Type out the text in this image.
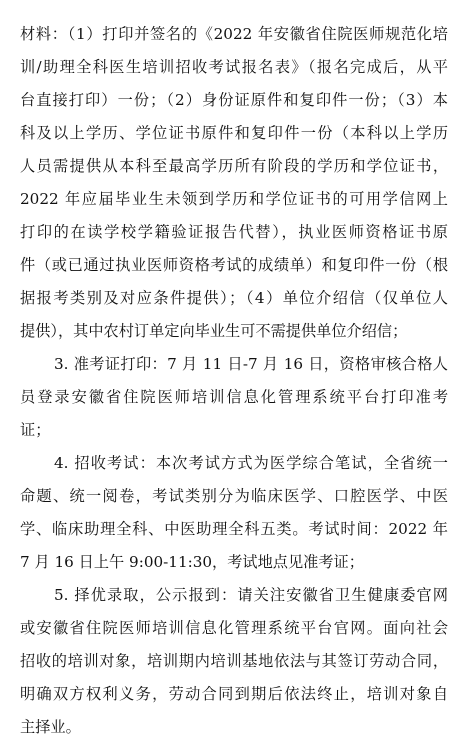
材料：（1）打印并签名的《2022 年安徽省住院医师规范化培
训/助理全科医生培训招收考试报名表》（报名完成后，从平
台直接打印）一份；（2）身份证原件和复印件一份；（3）本
科及以上学历、学位证书原件和复印件一份（本科以上学历
人员需提供从本科至最高学历所有阶段的学历和学位证书，
2022 年应届毕业生未领到学历和学位证书的可用学信网上
打印的在读学校学籍验证报告代替），执业医师资格证书原
件（或已通过执业医师资格考试的成绩单）和复印件一份（根
据报考类别及对应条件提供）；（4）单位介绍信（仅单位人
提供），其中农村订单定向毕业生可不需提供单位介绍信；
3. 准考证打印：7 月 11 日-7 月 16 日，资格审核合格人
员登录安徽省住院医师培训信息化管理系统平台打印准考
证；
4. 招收考试：本次考试方式为医学综合笔试，全省统一
命题、统一阅卷，考试类别分为临床医学、口腔医学、中医
学、临床助理全科、中医助理全科五类。考试时间：2022 年
7 月 16 日上午 9:00-11:30，考试地点见准考证；
5. 择优录取，公示报到：请关注安徽省卫生健康委官网
或安徽省住院医师培训信息化管理系统平台官网。面向社会
招收的培训对象，培训期内培训基地依法与其签订劳动合同，
明确双方权利义务，劳动合同到期后依法终止，培训对象自
主择业。
